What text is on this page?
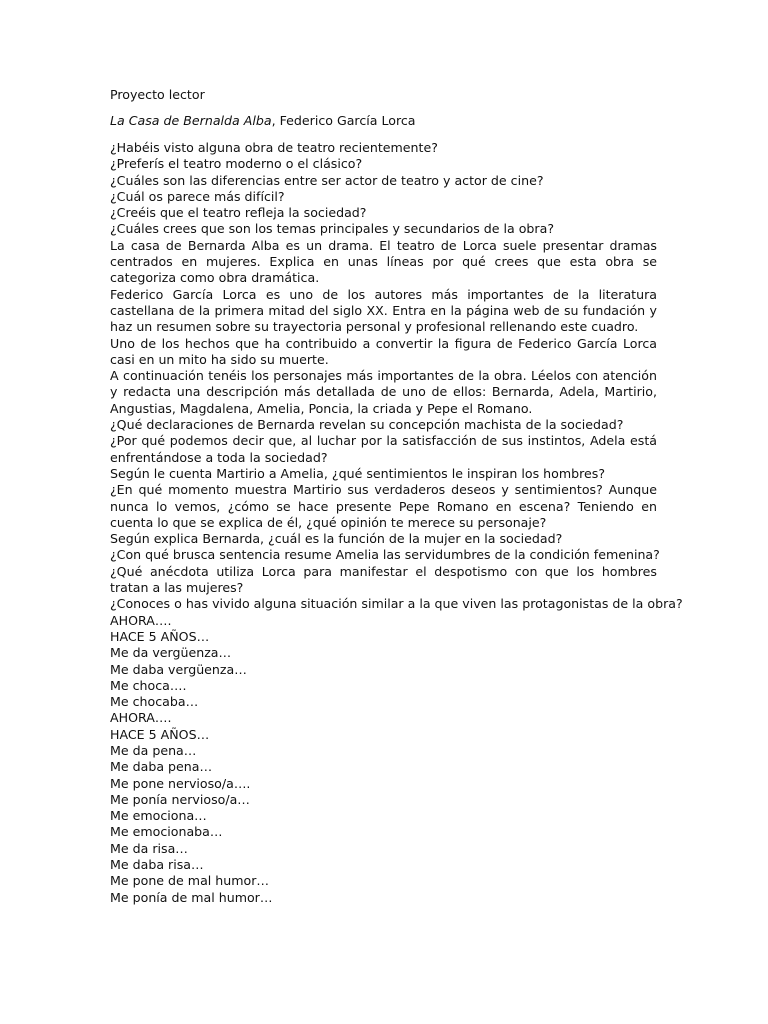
Proyecto lector

La Casa de Bernalda Alba, Federico García Lorca

¿Habéis visto alguna obra de teatro recientemente?

¿Preferís el teatro moderno o el clásico?

¿Cuáles son las diferencias entre ser actor de teatro y actor de cine?

¿Cuál os parece más difícil?

¿Creéis que el teatro refleja la sociedad?

¿Cuáles crees que son los temas principales y secundarios de la obra?

La casa de Bernarda Alba es un drama. El teatro de Lorca suele presentar dramas centrados en mujeres. Explica en unas líneas por qué crees que esta obra se categoriza como obra dramática.

Federico García Lorca es uno de los autores más importantes de la literatura castellana de la primera mitad del siglo XX. Entra en la página web de su fundación y haz un resumen sobre su trayectoria personal y profesional rellenando este cuadro.

Uno de los hechos que ha contribuido a convertir la figura de Federico García Lorca casi en un mito ha sido su muerte.

A continuación tenéis los personajes más importantes de la obra. Léelos con atención y redacta una descripción más detallada de uno de ellos: Bernarda, Adela, Martirio, Angustias, Magdalena, Amelia, Poncia, la criada y Pepe el Romano.

¿Qué declaraciones de Bernarda revelan su concepción machista de la sociedad?

¿Por qué podemos decir que, al luchar por la satisfacción de sus instintos, Adela está enfrentándose a toda la sociedad?

Según le cuenta Martirio a Amelia, ¿qué sentimientos le inspiran los hombres?

¿En qué momento muestra Martirio sus verdaderos deseos y sentimientos? Aunque nunca lo vemos, ¿cómo se hace presente Pepe Romano en escena? Teniendo en cuenta lo que se explica de él, ¿qué opinión te merece su personaje?

Según explica Bernarda, ¿cuál es la función de la mujer en la sociedad?

¿Con qué brusca sentencia resume Amelia las servidumbres de la condición femenina?

¿Qué anécdota utiliza Lorca para manifestar el despotismo con que los hombres tratan a las mujeres?

¿Conoces o has vivido alguna situación similar a la que viven las protagonistas de la obra?

AHORA….

HACE 5 AÑOS…

Me da vergüenza…

Me daba vergüenza…

Me choca….

Me chocaba…

AHORA….

HACE 5 AÑOS…

Me da pena…

Me daba pena…

Me pone nervioso/a….

Me ponía nervioso/a…

Me emociona…

Me emocionaba…

Me da risa…

Me daba risa…

Me pone de mal humor…

Me ponía de mal humor…
